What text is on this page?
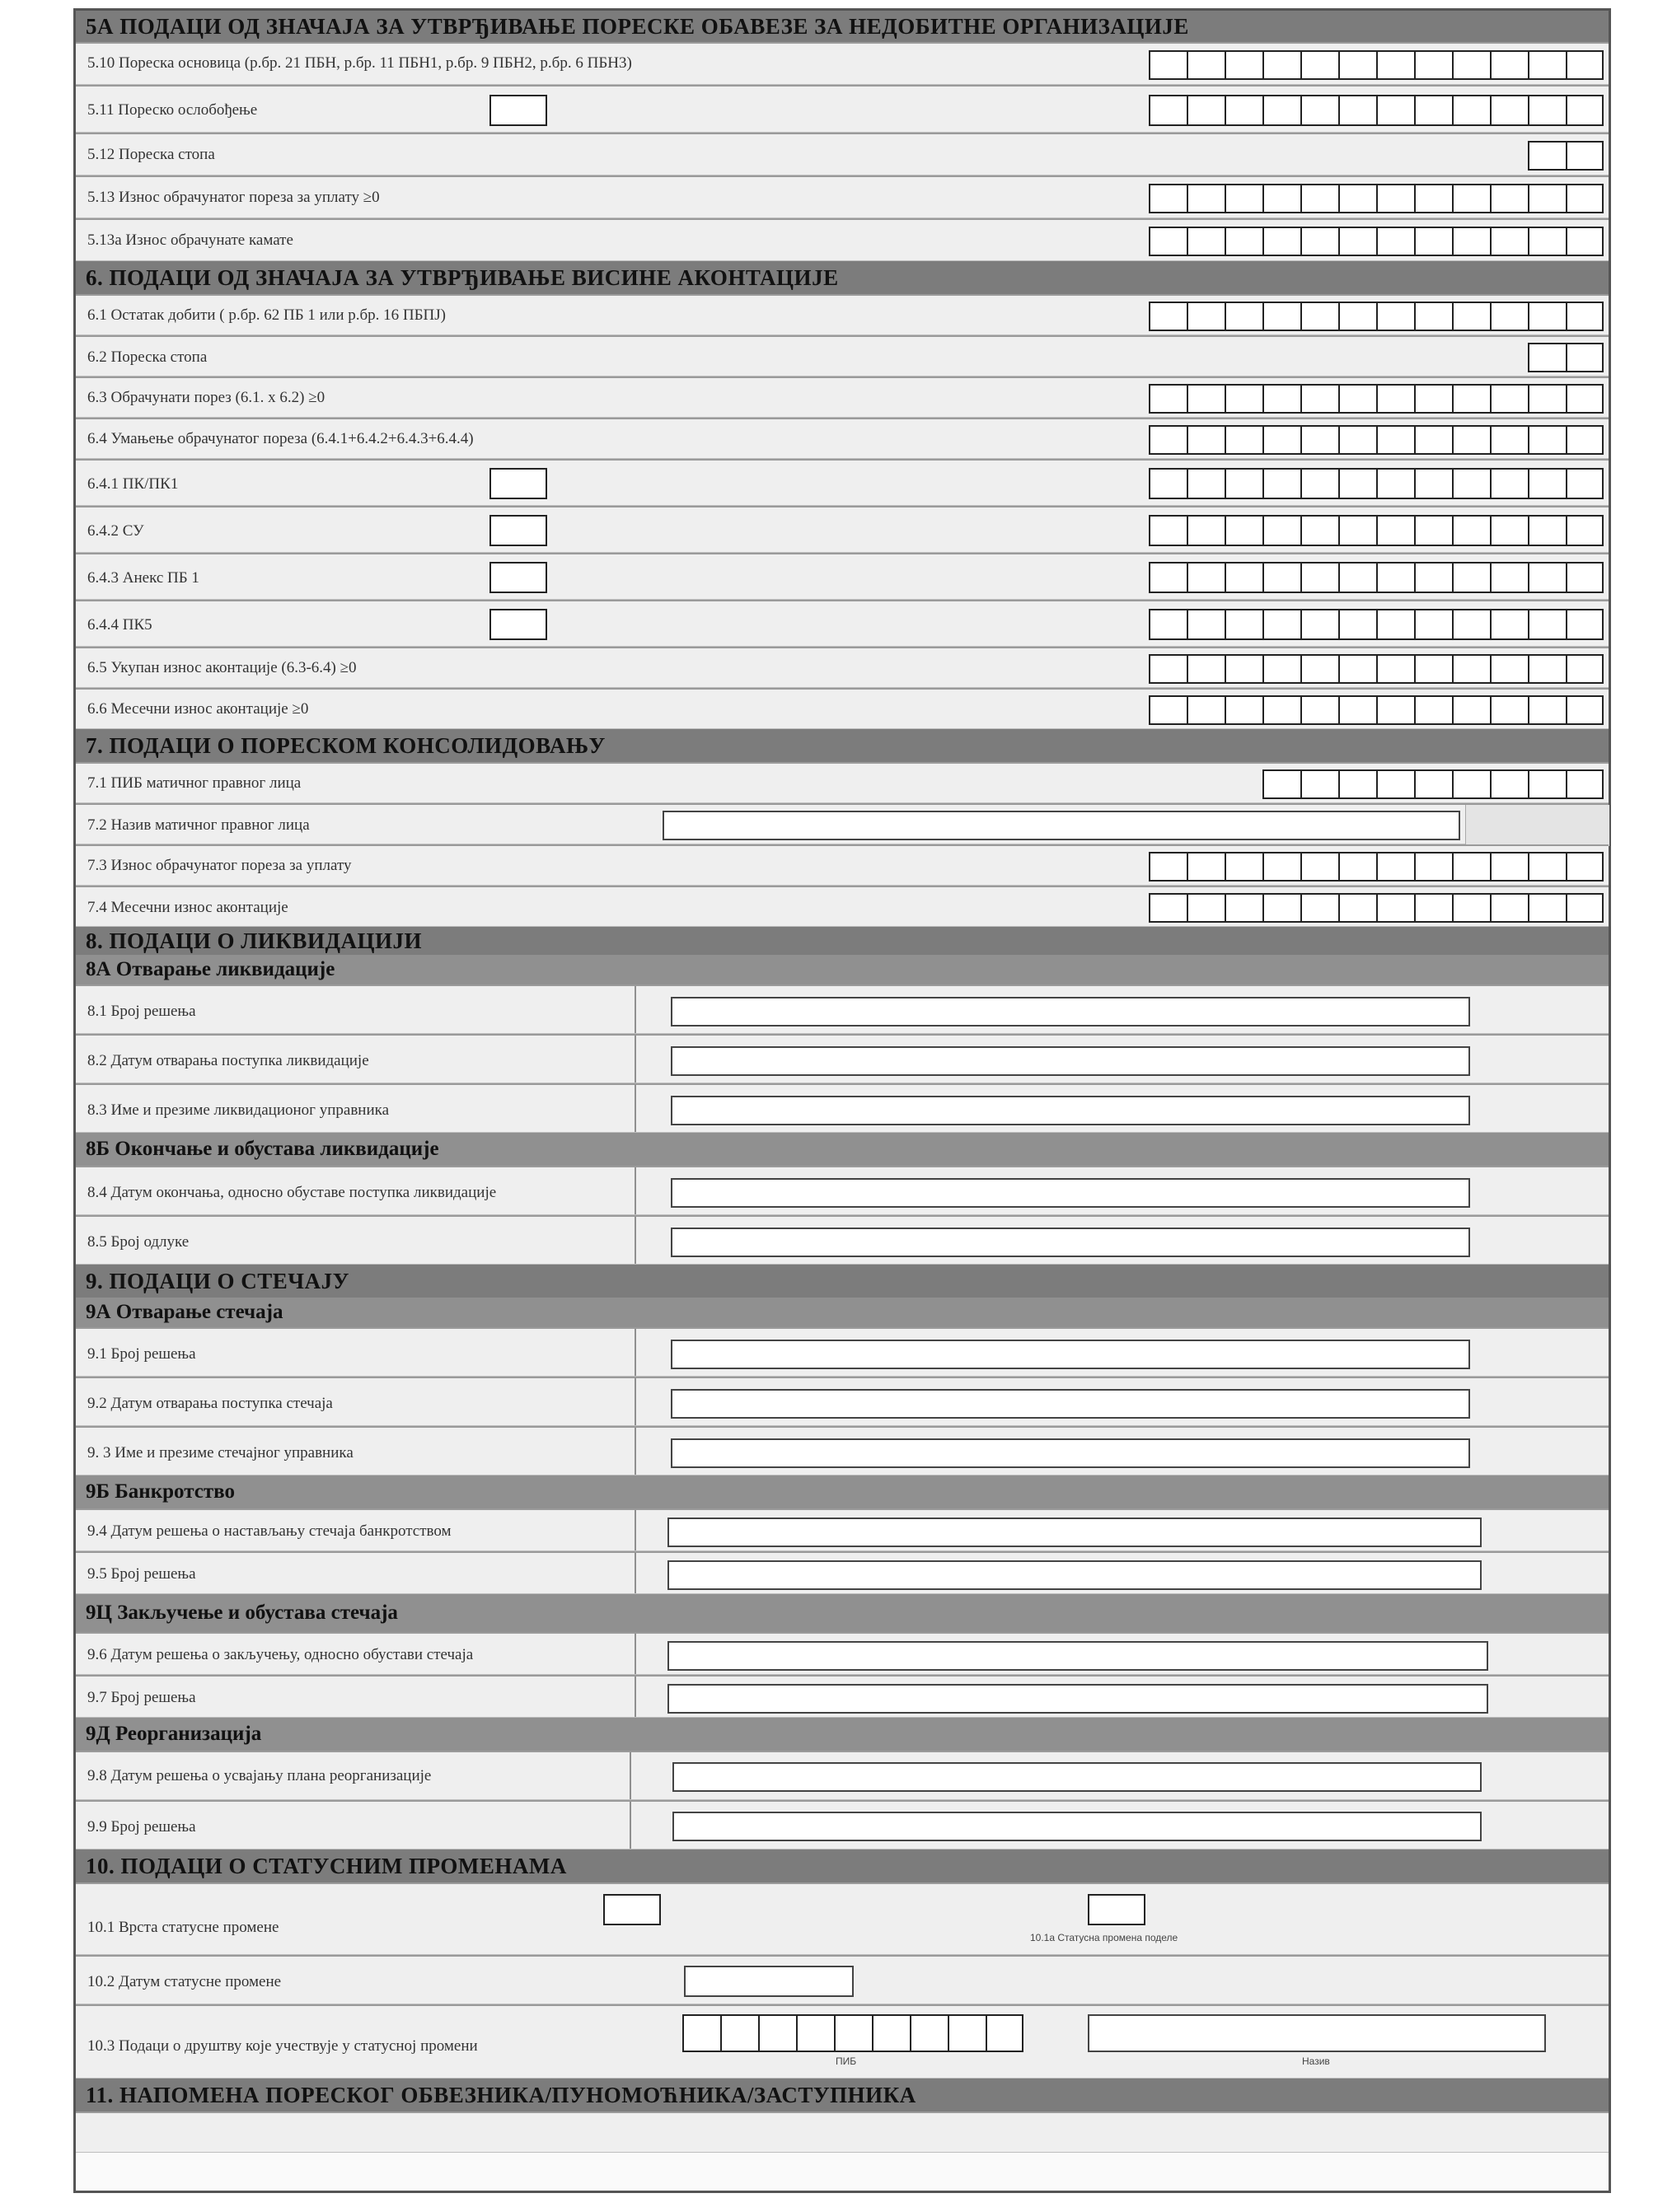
5А ПОДАЦИ ОД ЗНАЧАЈА ЗА УТВРЂИВАЊЕ ПОРЕСКЕ ОБАВЕЗЕ ЗА НЕДОБИТНЕ ОРГАНИЗАЦИЈЕ
5.10 Пореска основица (р.бр. 21 ПБН, р.бр. 11 ПБН1, р.бр. 9 ПБН2, р.бр. 6 ПБН3)
5.11 Пореско ослобођење
5.12 Пореска стопа
5.13 Износ обрачунатог пореза за уплату ≥0
5.13а Износ обрачунате камате
6. ПОДАЦИ ОД ЗНАЧАЈА ЗА УТВРЂИВАЊЕ ВИСИНЕ АКОНТАЦИЈЕ
6.1 Остатак добити ( р.бр. 62 ПБ 1 или р.бр. 16 ПБПЈ)
6.2 Пореска стопа
6.3 Обрачунати порез (6.1. x 6.2) ≥0
6.4 Умањење обрачунатог пореза (6.4.1+6.4.2+6.4.3+6.4.4)
6.4.1 ПК/ПК1
6.4.2 СУ
6.4.3 Анекс ПБ 1
6.4.4 ПК5
6.5 Укупан износ аконтације (6.3-6.4) ≥0
6.6 Месечни износ аконтације ≥0
7. ПОДАЦИ О ПОРЕСКОМ КОНСОЛИДОВАЊУ
7.1 ПИБ матичног правног лица
7.2 Назив матичног правног лица
7.3 Износ обрачунатог пореза за уплату
7.4 Месечни износ аконтације
8. ПОДАЦИ О ЛИКВИДАЦИЈИ
8А Отварање ликвидације
8.1 Број решења
8.2 Датум отварања поступка ликвидације
8.3 Име и презиме ликвидационог управника
8Б Окончање и обустава ликвидације
8.4 Датум окончања, односно обуставе поступка ликвидације
8.5 Број одлуке
9. ПОДАЦИ О СТЕЧАЈУ
9А Отварање стечаја
9.1 Број решења
9.2 Датум отварања поступка стечаја
9. 3 Име и презиме стечајног управника
9Б Банкротство
9.4 Датум решења о настављању стечаја банкротством
9.5 Број решења
9Ц Закључење и обустава стечаја
9.6 Датум решења о закључењу, односно обустави стечаја
9.7 Број решења
9Д Реорганизација
9.8 Датум решења о усвајању плана реорганизације
9.9 Број решења
10. ПОДАЦИ О СТАТУСНИМ ПРОМЕНАМА
10.1 Врста статусне промене
10.1а Статусна промена поделе
10.2 Датум статусне промене
10.3 Подаци о друштву које учествује у статусној промени
ПИБ	Назив
11. НАПОМЕНА ПОРЕСКОГ ОБВЕЗНИКА/ПУНОМОЋНИКА/ЗАСТУПНИКА
